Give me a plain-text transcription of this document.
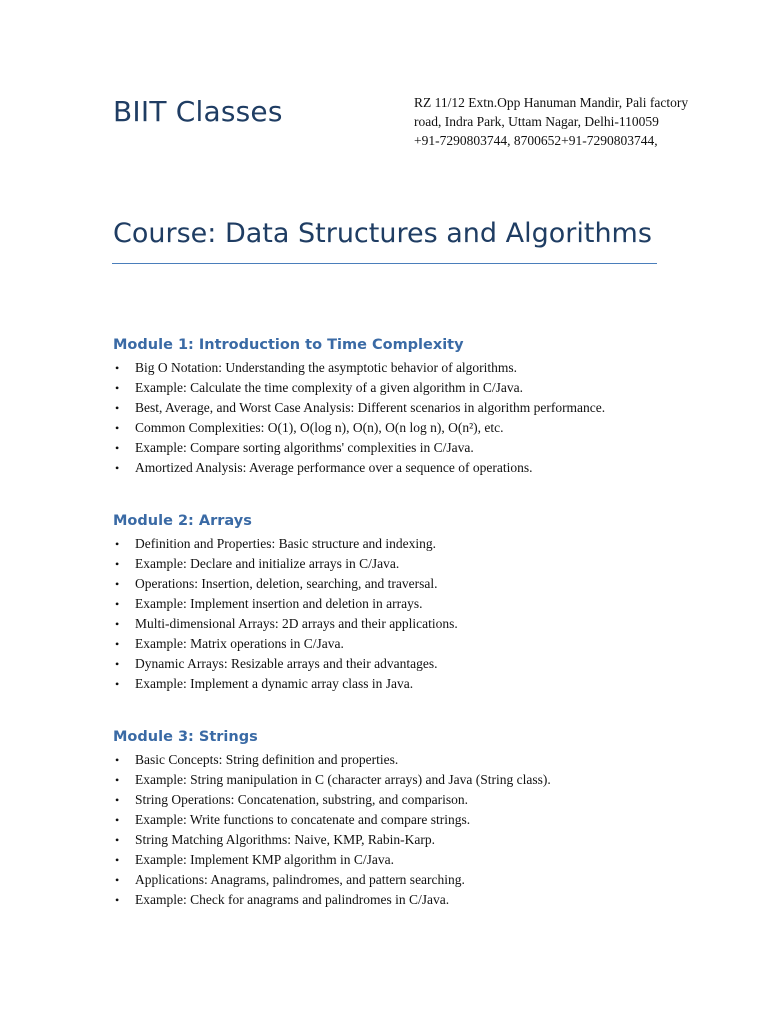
BIIT Classes	RZ 11/12 Extn.Opp Hanuman Mandir, Pali factory
road, Indra Park, Uttam Nagar, Delhi-110059
+91-7290803744, 8700652+91-7290803744,
Course: Data Structures and Algorithms
Module 1: Introduction to Time Complexity
• Big O Notation: Understanding the asymptotic behavior of algorithms.
• Example: Calculate the time complexity of a given algorithm in C/Java.
• Best, Average, and Worst Case Analysis: Different scenarios in algorithm performance.
• Common Complexities: O(1), O(log n), O(n), O(n log n), O(n²), etc.
• Example: Compare sorting algorithms' complexities in C/Java.
• Amortized Analysis: Average performance over a sequence of operations.
Module 2: Arrays
• Definition and Properties: Basic structure and indexing.
• Example: Declare and initialize arrays in C/Java.
• Operations: Insertion, deletion, searching, and traversal.
• Example: Implement insertion and deletion in arrays.
• Multi-dimensional Arrays: 2D arrays and their applications.
• Example: Matrix operations in C/Java.
• Dynamic Arrays: Resizable arrays and their advantages.
• Example: Implement a dynamic array class in Java.
Module 3: Strings
• Basic Concepts: String definition and properties.
• Example: String manipulation in C (character arrays) and Java (String class).
• String Operations: Concatenation, substring, and comparison.
• Example: Write functions to concatenate and compare strings.
• String Matching Algorithms: Naive, KMP, Rabin-Karp.
• Example: Implement KMP algorithm in C/Java.
• Applications: Anagrams, palindromes, and pattern searching.
• Example: Check for anagrams and palindromes in C/Java.
